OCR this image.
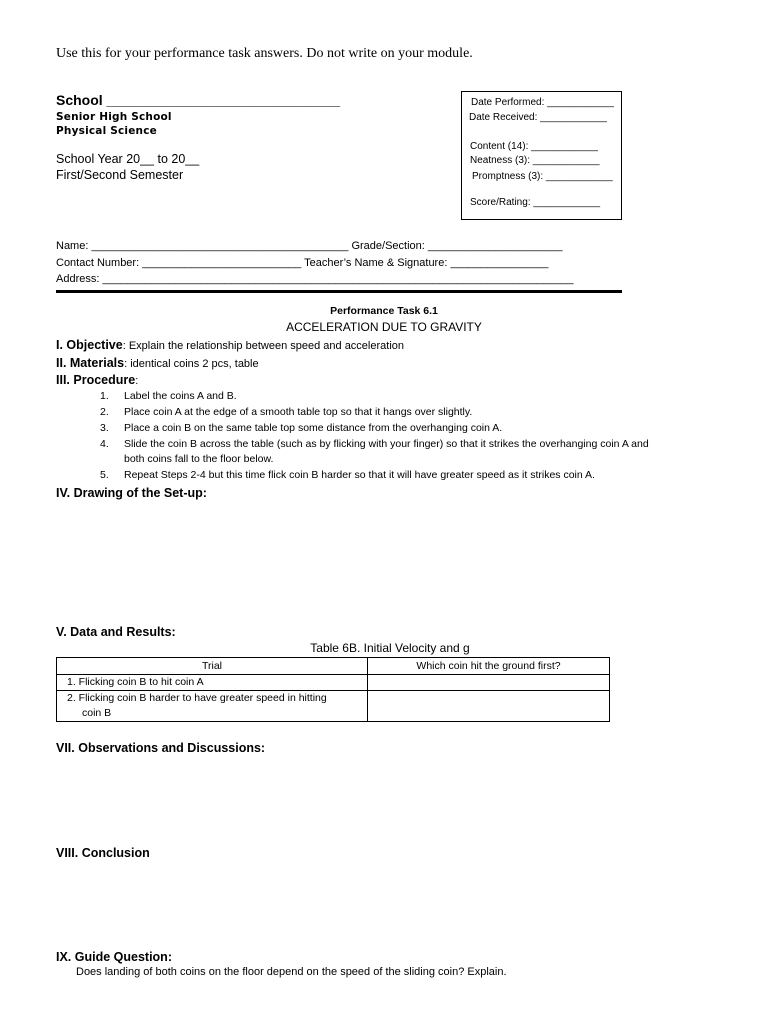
Use this for your performance task answers. Do not write on your module.
School ______________________________
Senior High School
Physical Science
School Year 20__ to 20__
First/Second Semester
Date Performed: ____________
Date Received: ____________
Content (14): ____________
Neatness (3): ____________
Promptness (3): ____________
Score/Rating: ____________
Name: __________________________________________ Grade/Section: ______________________
Contact Number: __________________________ Teacher’s Name & Signature: ________________
Address: _____________________________________________________________________________
Performance Task 6.1
ACCELERATION DUE TO GRAVITY
I. Objective: Explain the relationship between speed and acceleration
II. Materials: identical coins 2 pcs, table
III. Procedure:
1. Label the coins A and B.
2. Place coin A at the edge of a smooth table top so that it hangs over slightly.
3. Place a coin B on the same table top some distance from the overhanging coin A.
4. Slide the coin B across the table (such as by flicking with your finger) so that it strikes the overhanging coin A and
both coins fall to the floor below.
5. Repeat Steps 2-4 but this time flick coin B harder so that it will have greater speed as it strikes coin A.
IV. Drawing of the Set-up:
V. Data and Results:
Table 6B. Initial Velocity and g
Trial	Which coin hit the ground first?
1. Flicking coin B to hit coin A	

2. Flicking coin B harder to have greater speed in hitting
coin B	

VII. Observations and Discussions:
VIII. Conclusion
IX. Guide Question:
Does landing of both coins on the floor depend on the speed of the sliding coin? Explain.
